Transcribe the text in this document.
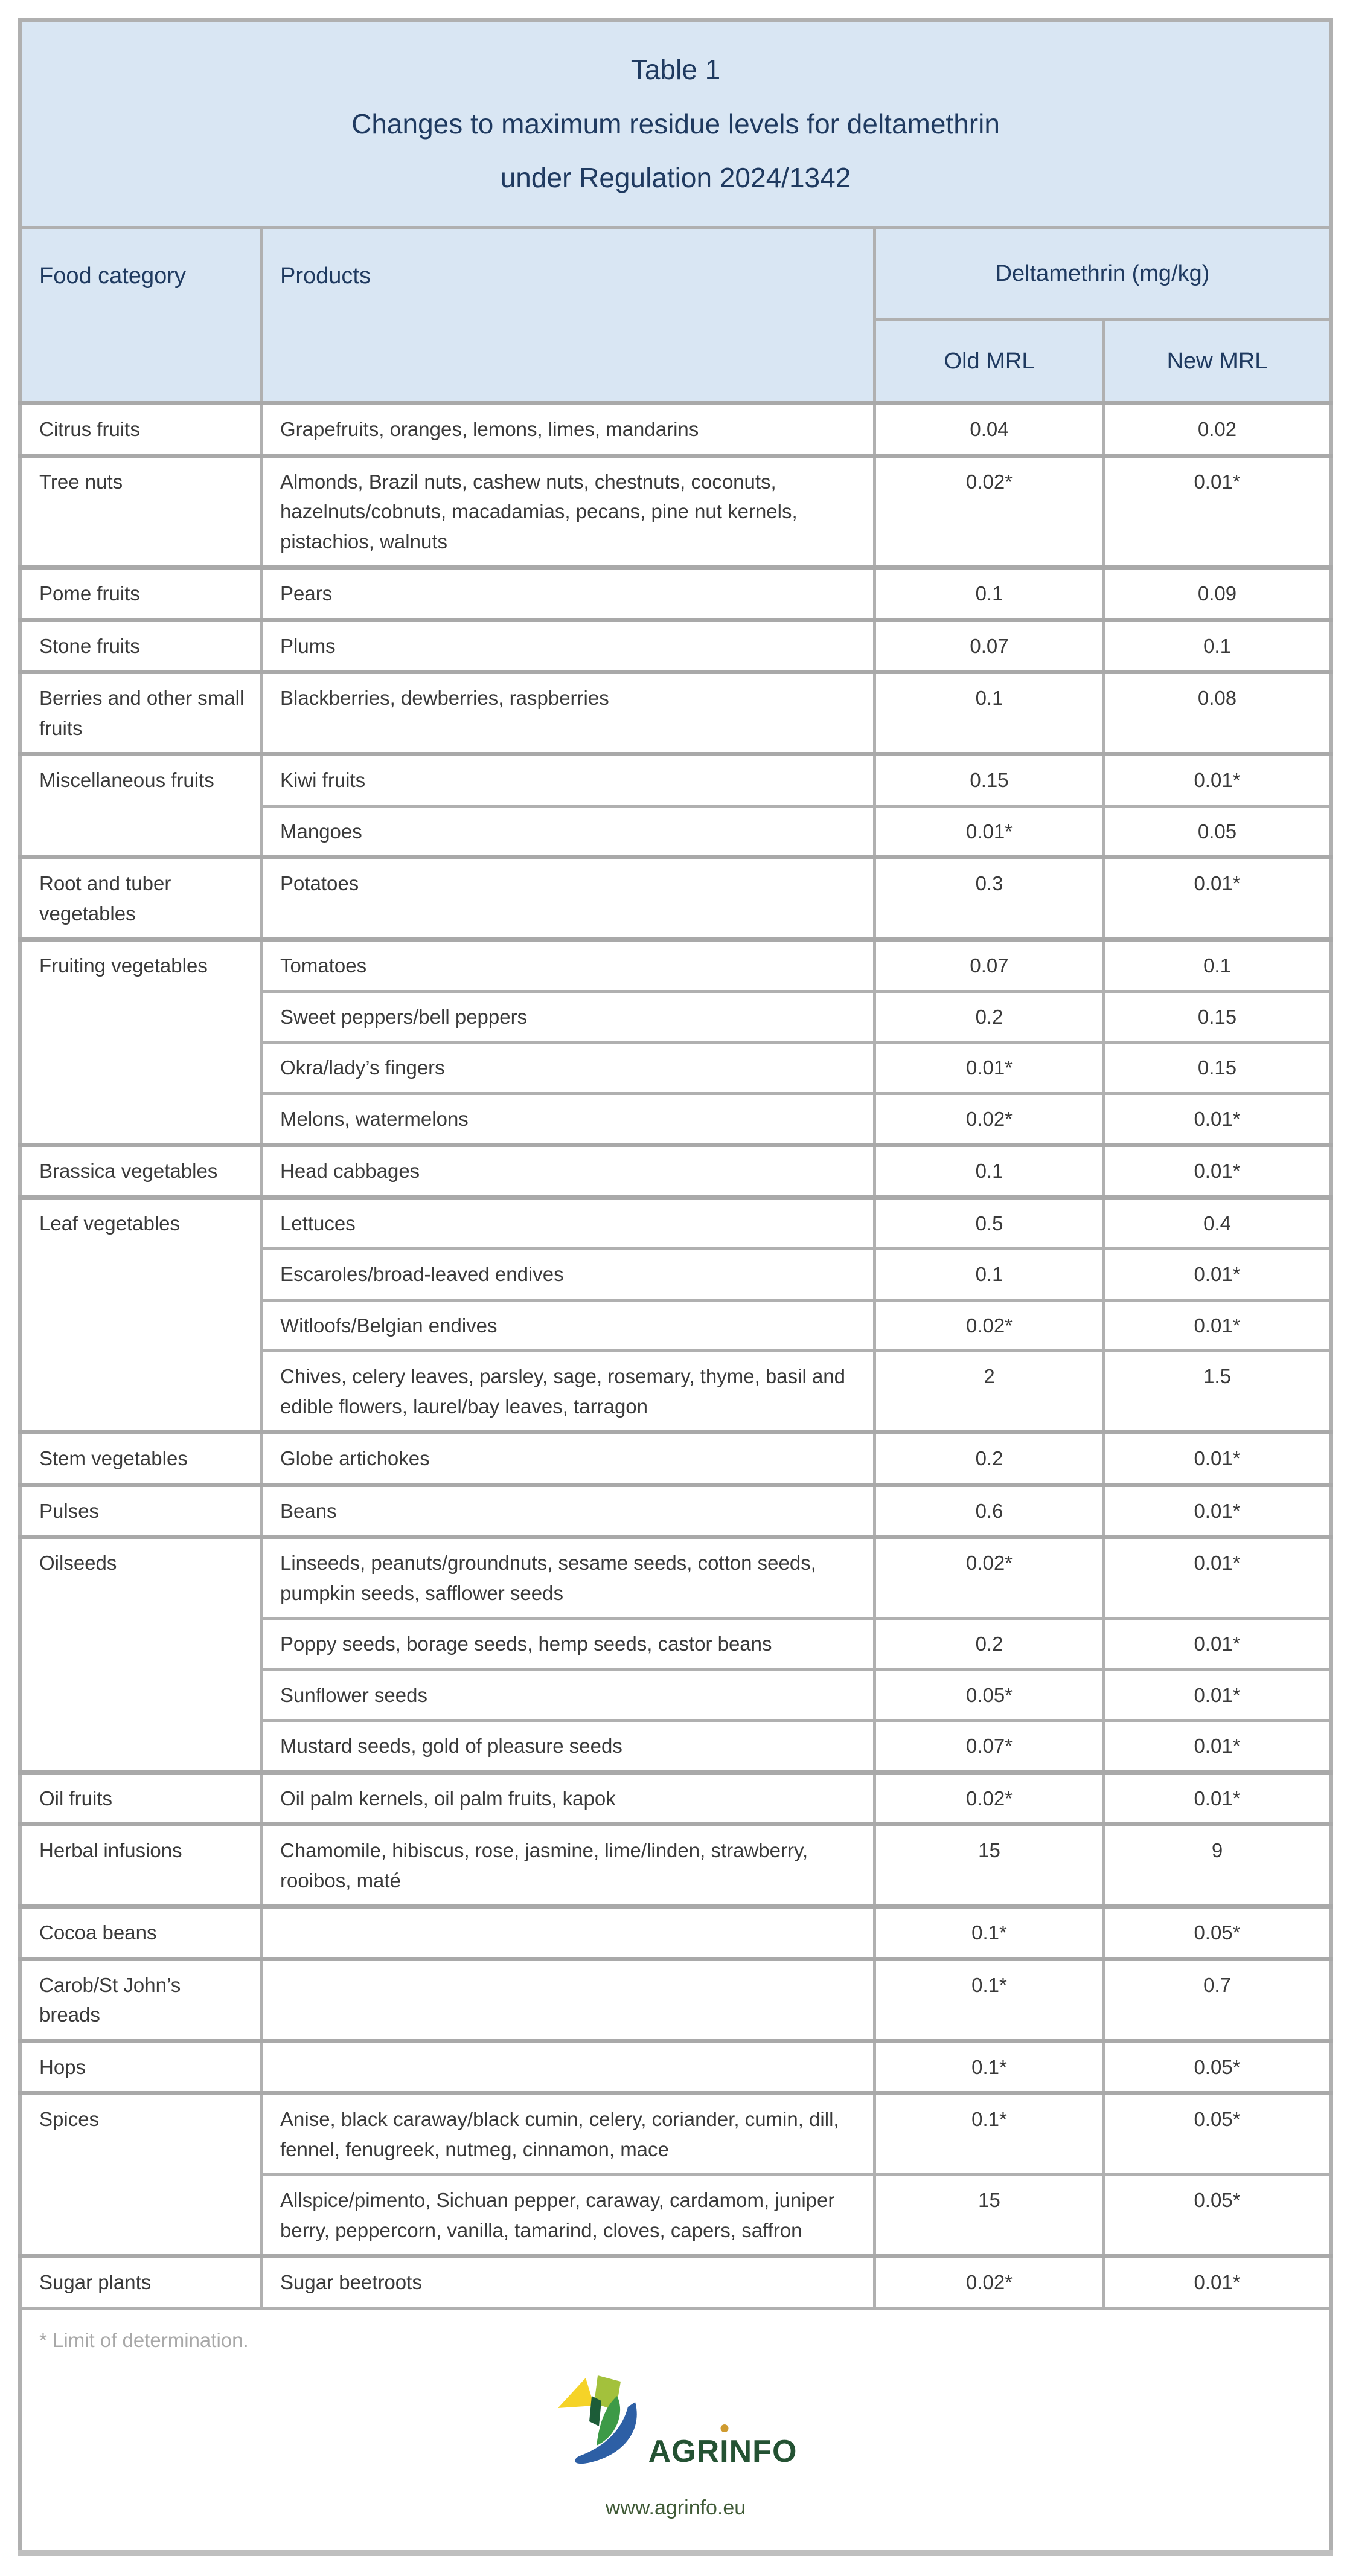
Table 1
Changes to maximum residue levels for deltamethrin
under Regulation 2024/1342			

Food category	Products	Deltamethrin (mg/kg)	
		Old MRL	New MRL
Citrus fruits	Grapefruits, oranges, lemons, limes, mandarins	0.04	0.02
Tree nuts	Almonds, Brazil nuts, cashew nuts, chestnuts, coconuts, hazelnuts/cobnuts, macadamias, pecans, pine nut kernels, pistachios, walnuts	0.02*	0.01*
Pome fruits	Pears	0.1	0.09
Stone fruits	Plums	0.07	0.1
Berries and other small fruits	Blackberries, dewberries, raspberries	0.1	0.08
Miscellaneous fruits	Kiwi fruits	0.15	0.01*
	Mangoes	0.01*	0.05
Root and tuber vegetables	Potatoes	0.3	0.01*
Fruiting vegetables	Tomatoes	0.07	0.1
	Sweet peppers/bell peppers	0.2	0.15
	Okra/lady’s fingers	0.01*	0.15
	Melons, watermelons	0.02*	0.01*
Brassica vegetables	Head cabbages	0.1	0.01*
Leaf vegetables	Lettuces	0.5	0.4
	Escaroles/broad-leaved endives	0.1	0.01*
	Witloofs/Belgian endives	0.02*	0.01*
	Chives, celery leaves, parsley, sage, rosemary, thyme, basil and edible flowers, laurel/bay leaves, tarragon	2	1.5
Stem vegetables	Globe artichokes	0.2	0.01*
Pulses	Beans	0.6	0.01*
Oilseeds	Linseeds, peanuts/groundnuts, sesame seeds, cotton seeds, pumpkin seeds, safflower seeds	0.02*	0.01*
	Poppy seeds, borage seeds, hemp seeds, castor beans	0.2	0.01*
	Sunflower seeds	0.05*	0.01*
	Mustard seeds, gold of pleasure seeds	0.07*	0.01*
Oil fruits	Oil palm kernels, oil palm fruits, kapok	0.02*	0.01*
Herbal infusions	Chamomile, hibiscus, rose, jasmine, lime/linden, strawberry, rooibos, maté	15	9
Cocoa beans		0.1*	0.05*
Carob/St John’s breads		0.1*	0.7
Hops		0.1*	0.05*
Spices	Anise, black caraway/black cumin, celery, coriander, cumin, dill, fennel, fenugreek, nutmeg, cinnamon, mace	0.1*	0.05*
	Allspice/pimento, Sichuan pepper, caraway, cardamom, juniper berry, peppercorn, vanilla, tamarind, cloves, capers, saffron	15	0.05*
Sugar plants	Sugar beetroots	0.02*	0.01*

* Limit of determination.
AGRINFO
www.agrinfo.eu			
